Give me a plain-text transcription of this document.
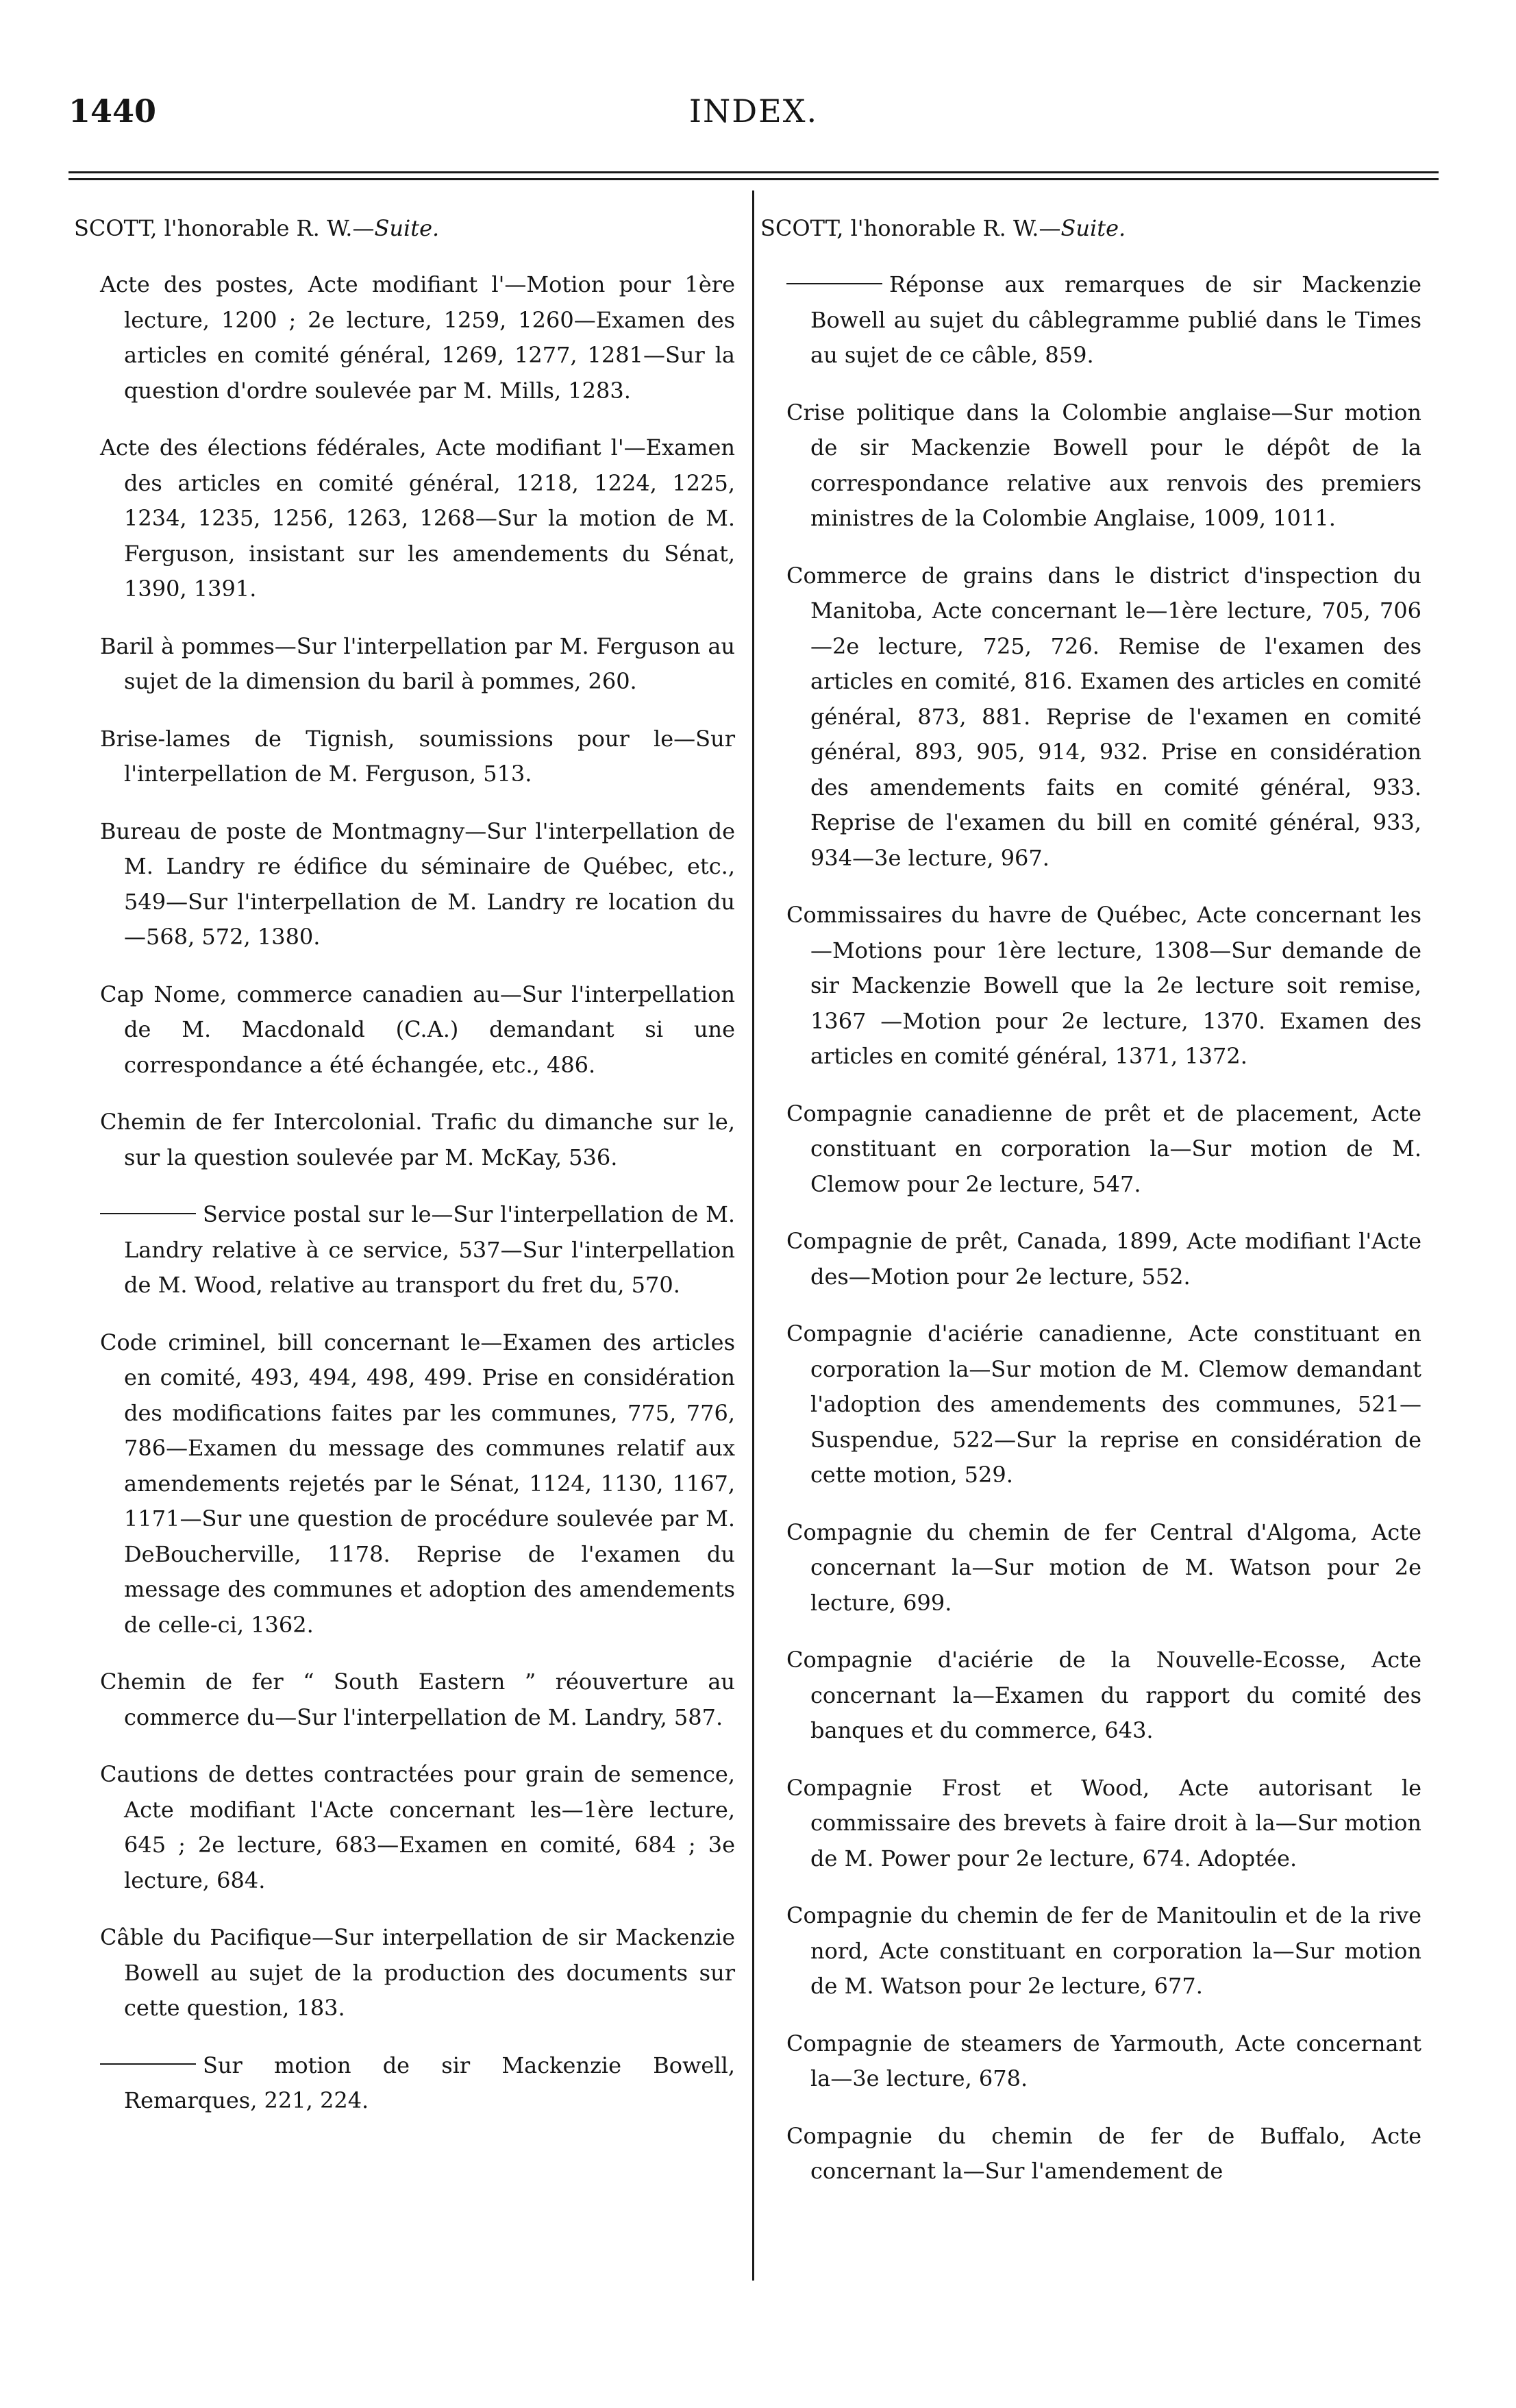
1440	INDEX.
SCOTT, l'honorable R. W.—Suite.

Acte des postes, Acte modifiant l'—Motion pour 1ère lecture, 1200 ; 2e lecture, 1259, 1260—Examen des articles en comité général, 1269, 1277, 1281—Sur la question d'ordre soulevée par M. Mills, 1283.

Acte des élections fédérales, Acte modifiant l'—Examen des articles en comité général, 1218, 1224, 1225, 1234, 1235, 1256, 1263, 1268—Sur la motion de M. Ferguson, insistant sur les amendements du Sénat, 1390, 1391.

Baril à pommes—Sur l'interpellation par M. Ferguson au sujet de la dimension du baril à pommes, 260.

Brise-lames de Tignish, soumissions pour le—Sur l'interpellation de M. Ferguson, 513.

Bureau de poste de Montmagny—Sur l'interpellation de M. Landry re édifice du séminaire de Québec, etc., 549—Sur l'interpellation de M. Landry re location du—568, 572, 1380.

Cap Nome, commerce canadien au—Sur l'interpellation de M. Macdonald (C.A.) demandant si une correspondance a été échangée, etc., 486.

Chemin de fer Intercolonial. Trafic du dimanche sur le, sur la question soulevée par M. McKay, 536.

Service postal sur le—Sur l'interpellation de M. Landry relative à ce service, 537—Sur l'interpellation de M. Wood, relative au transport du fret du, 570.

Code criminel, bill concernant le—Examen des articles en comité, 493, 494, 498, 499. Prise en considération des modifications faites par les communes, 775, 776, 786—Examen du message des communes relatif aux amendements rejetés par le Sénat, 1124, 1130, 1167, 1171—Sur une question de procédure soulevée par M. DeBoucherville, 1178. Reprise de l'examen du message des communes et adoption des amendements de celle-ci, 1362.

Chemin de fer “ South Eastern ” réouverture au commerce du—Sur l'interpellation de M. Landry, 587.

Cautions de dettes contractées pour grain de semence, Acte modifiant l'Acte concernant les—1ère lecture, 645 ; 2e lecture, 683—Examen en comité, 684 ; 3e lecture, 684.

Câble du Pacifique—Sur interpellation de sir Mackenzie Bowell au sujet de la production des documents sur cette question, 183.

Sur motion de sir Mackenzie Bowell, Remarques, 221, 224.

SCOTT, l'honorable R. W.—Suite.

Réponse aux remarques de sir Mackenzie Bowell au sujet du câblegramme publié dans le Times au sujet de ce câble, 859.

Crise politique dans la Colombie anglaise—Sur motion de sir Mackenzie Bowell pour le dépôt de la correspondance relative aux renvois des premiers ministres de la Colombie Anglaise, 1009, 1011.

Commerce de grains dans le district d'inspection du Manitoba, Acte concernant le—1ère lecture, 705, 706—2e lecture, 725, 726. Remise de l'examen des articles en comité, 816. Examen des articles en comité général, 873, 881. Reprise de l'examen en comité général, 893, 905, 914, 932. Prise en considération des amendements faits en comité général, 933. Reprise de l'examen du bill en comité général, 933, 934—3e lecture, 967.

Commissaires du havre de Québec, Acte concernant les—Motions pour 1ère lecture, 1308—Sur demande de sir Mackenzie Bowell que la 2e lecture soit remise, 1367 —Motion pour 2e lecture, 1370. Examen des articles en comité général, 1371, 1372.

Compagnie canadienne de prêt et de placement, Acte constituant en corporation la—Sur motion de M. Clemow pour 2e lecture, 547.

Compagnie de prêt, Canada, 1899, Acte modifiant l'Acte des—Motion pour 2e lecture, 552.

Compagnie d'aciérie canadienne, Acte constituant en corporation la—Sur motion de M. Clemow demandant l'adoption des amendements des communes, 521—Suspendue, 522—Sur la reprise en considération de cette motion, 529.

Compagnie du chemin de fer Central d'Algoma, Acte concernant la—Sur motion de M. Watson pour 2e lecture, 699.

Compagnie d'aciérie de la Nouvelle-Ecosse, Acte concernant la—Examen du rapport du comité des banques et du commerce, 643.

Compagnie Frost et Wood, Acte autorisant le commissaire des brevets à faire droit à la—Sur motion de M. Power pour 2e lecture, 674. Adoptée.

Compagnie du chemin de fer de Manitoulin et de la rive nord, Acte constituant en corporation la—Sur motion de M. Watson pour 2e lecture, 677.

Compagnie de steamers de Yarmouth, Acte concernant la—3e lecture, 678.

Compagnie du chemin de fer de Buffalo, Acte concernant la—Sur l'amendement de
